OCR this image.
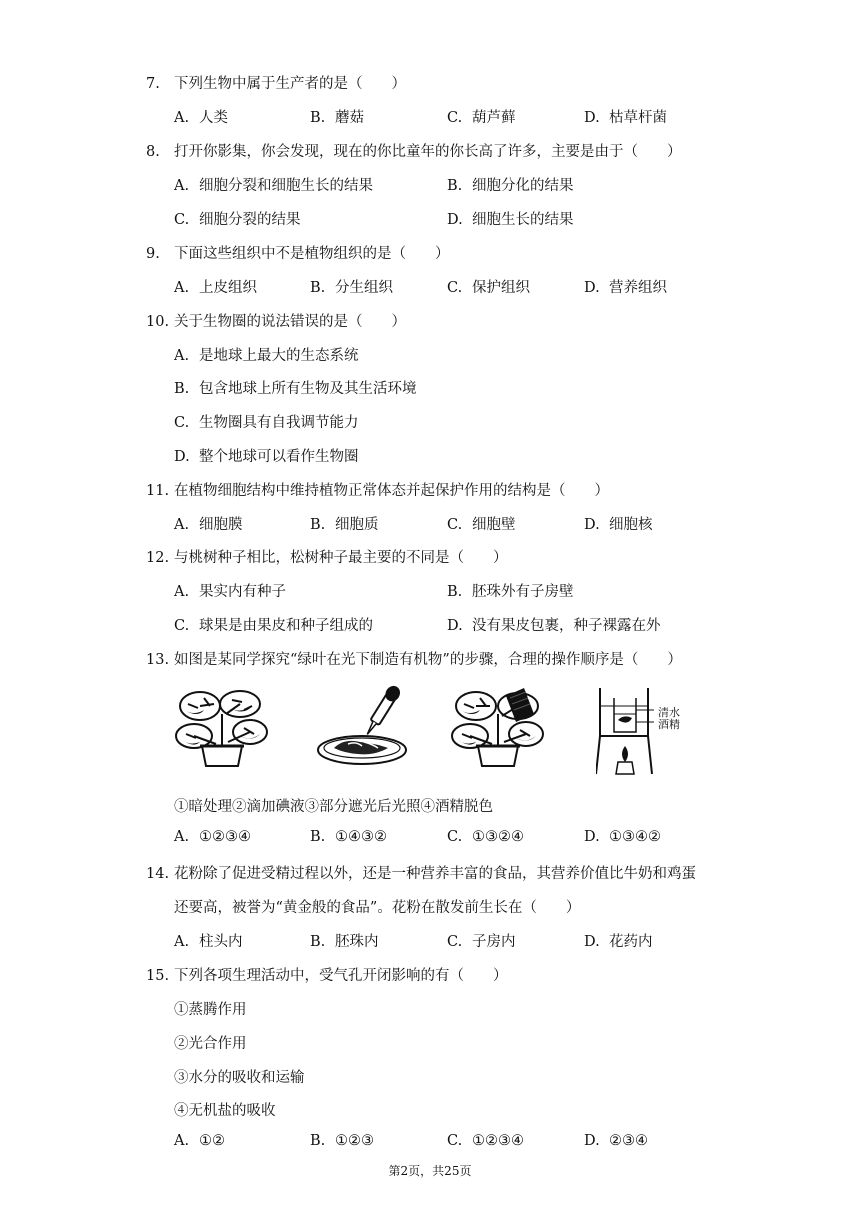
7. 下列生物中属于生产者的是（　　）
A. 人类	B. 蘑菇	C. 葫芦藓	D. 枯草杆菌
8. 打开你影集，你会发现，现在的你比童年的你长高了许多，主要是由于（　　）
A. 细胞分裂和细胞生长的结果	B. 细胞分化的结果
C. 细胞分裂的结果	D. 细胞生长的结果
9. 下面这些组织中不是植物组织的是（　　）
A. 上皮组织	B. 分生组织	C. 保护组织	D. 营养组织
10. 关于生物圈的说法错误的是（　　）
A. 是地球上最大的生态系统
B. 包含地球上所有生物及其生活环境
C. 生物圈具有自我调节能力
D. 整个地球可以看作生物圈
11. 在植物细胞结构中维持植物正常体态并起保护作用的结构是（　　）
A. 细胞膜	B. 细胞质	C. 细胞壁	D. 细胞核
12. 与桃树种子相比，松树种子最主要的不同是（　　）
A. 果实内有种子	B. 胚珠外有子房壁
C. 球果是由果皮和种子组成的	D. 没有果皮包裹，种子裸露在外
13. 如图是某同学探究“绿叶在光下制造有机物”的步骤，合理的操作顺序是（　　）
清水
酒精
①暗处理②滴加碘液③部分遮光后光照④酒精脱色
A. ①②③④	B. ①④③②	C. ①③②④	D. ①③④②
14. 花粉除了促进受精过程以外，还是一种营养丰富的食品，其营养价值比牛奶和鸡蛋
还要高，被誉为“黄金般的食品”。花粉在散发前生长在（　　）
A. 柱头内	B. 胚珠内	C. 子房内	D. 花药内
15. 下列各项生理活动中，受气孔开闭影响的有（　　）
①蒸腾作用
②光合作用
③水分的吸收和运输
④无机盐的吸收
A. ①②	B. ①②③	C. ①②③④	D. ②③④
第2页，共25页
